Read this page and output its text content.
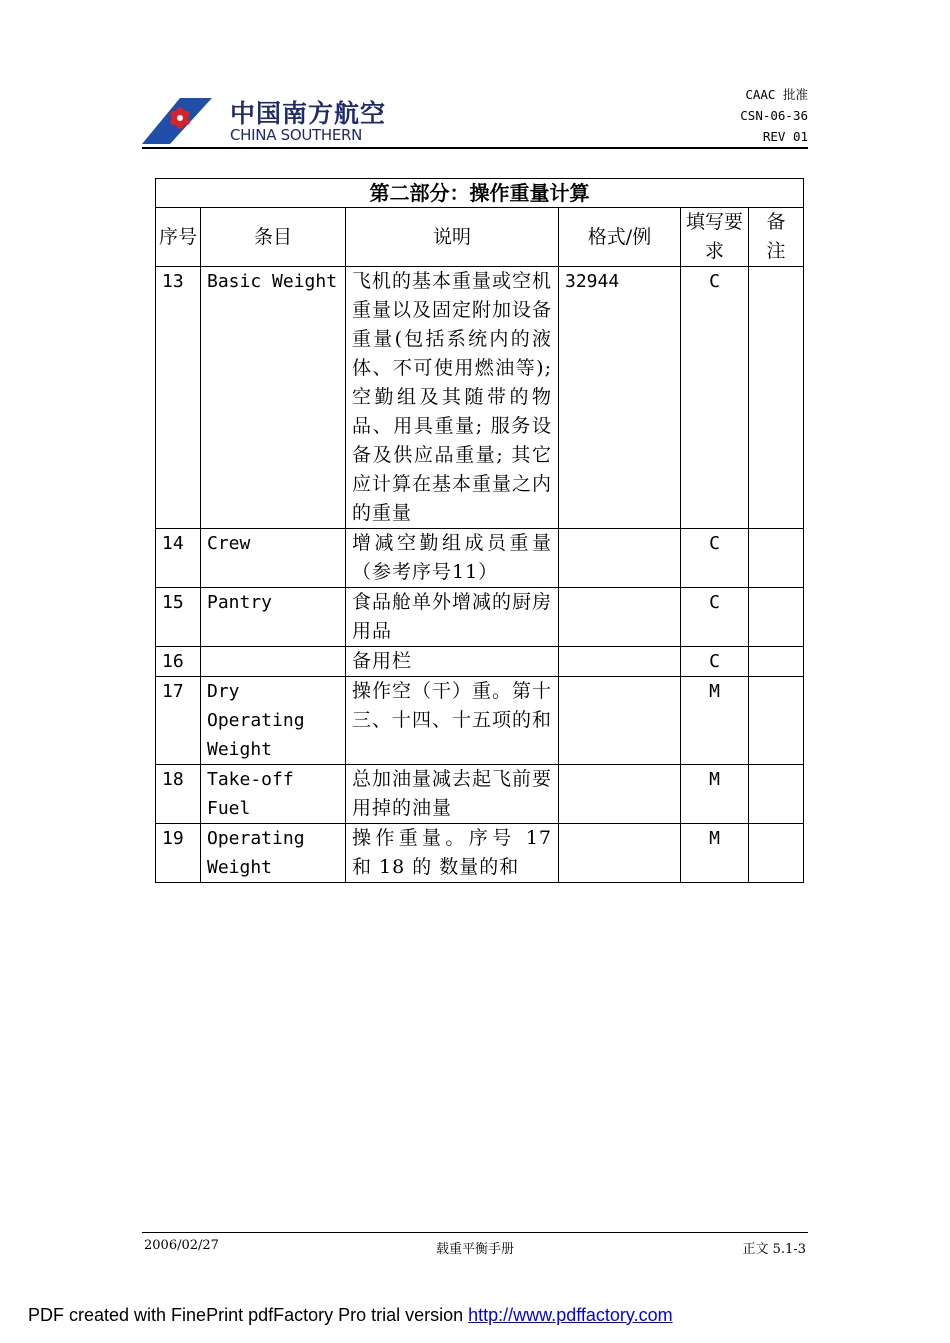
中国南方航空
CHINA SOUTHERN
CAAC 批准
CSN-06-36
REV 01
第二部分：操作重量计算					
序号	条目	说明	格式/例	填写要求	备注
13	Basic Weight	飞机的基本重量或空机重量以及固定附加设备重量(包括系统内的液体、不可使用燃油等); 空勤组及其随带的物品、用具重量; 服务设备及供应品重量; 其它应计算在基本重量之内的重量	32944	C	
14	Crew	增减空勤组成员重量（参考序号11）		C	
15	Pantry	食品舱单外增减的厨房用品		C	
16		备用栏		C	
17	Dry Operating Weight	操作空（干）重。第十三、十四、十五项的和		M	
18	Take-off Fuel	总加油量减去起飞前要用掉的油量		M	
19	Operating Weight	操作重量。序号 17 和 18 的 数量的和		M	
2006/02/27	载重平衡手册	正文 5.1-3
PDF created with FinePrint pdfFactory Pro trial version http://www.pdffactory.com
